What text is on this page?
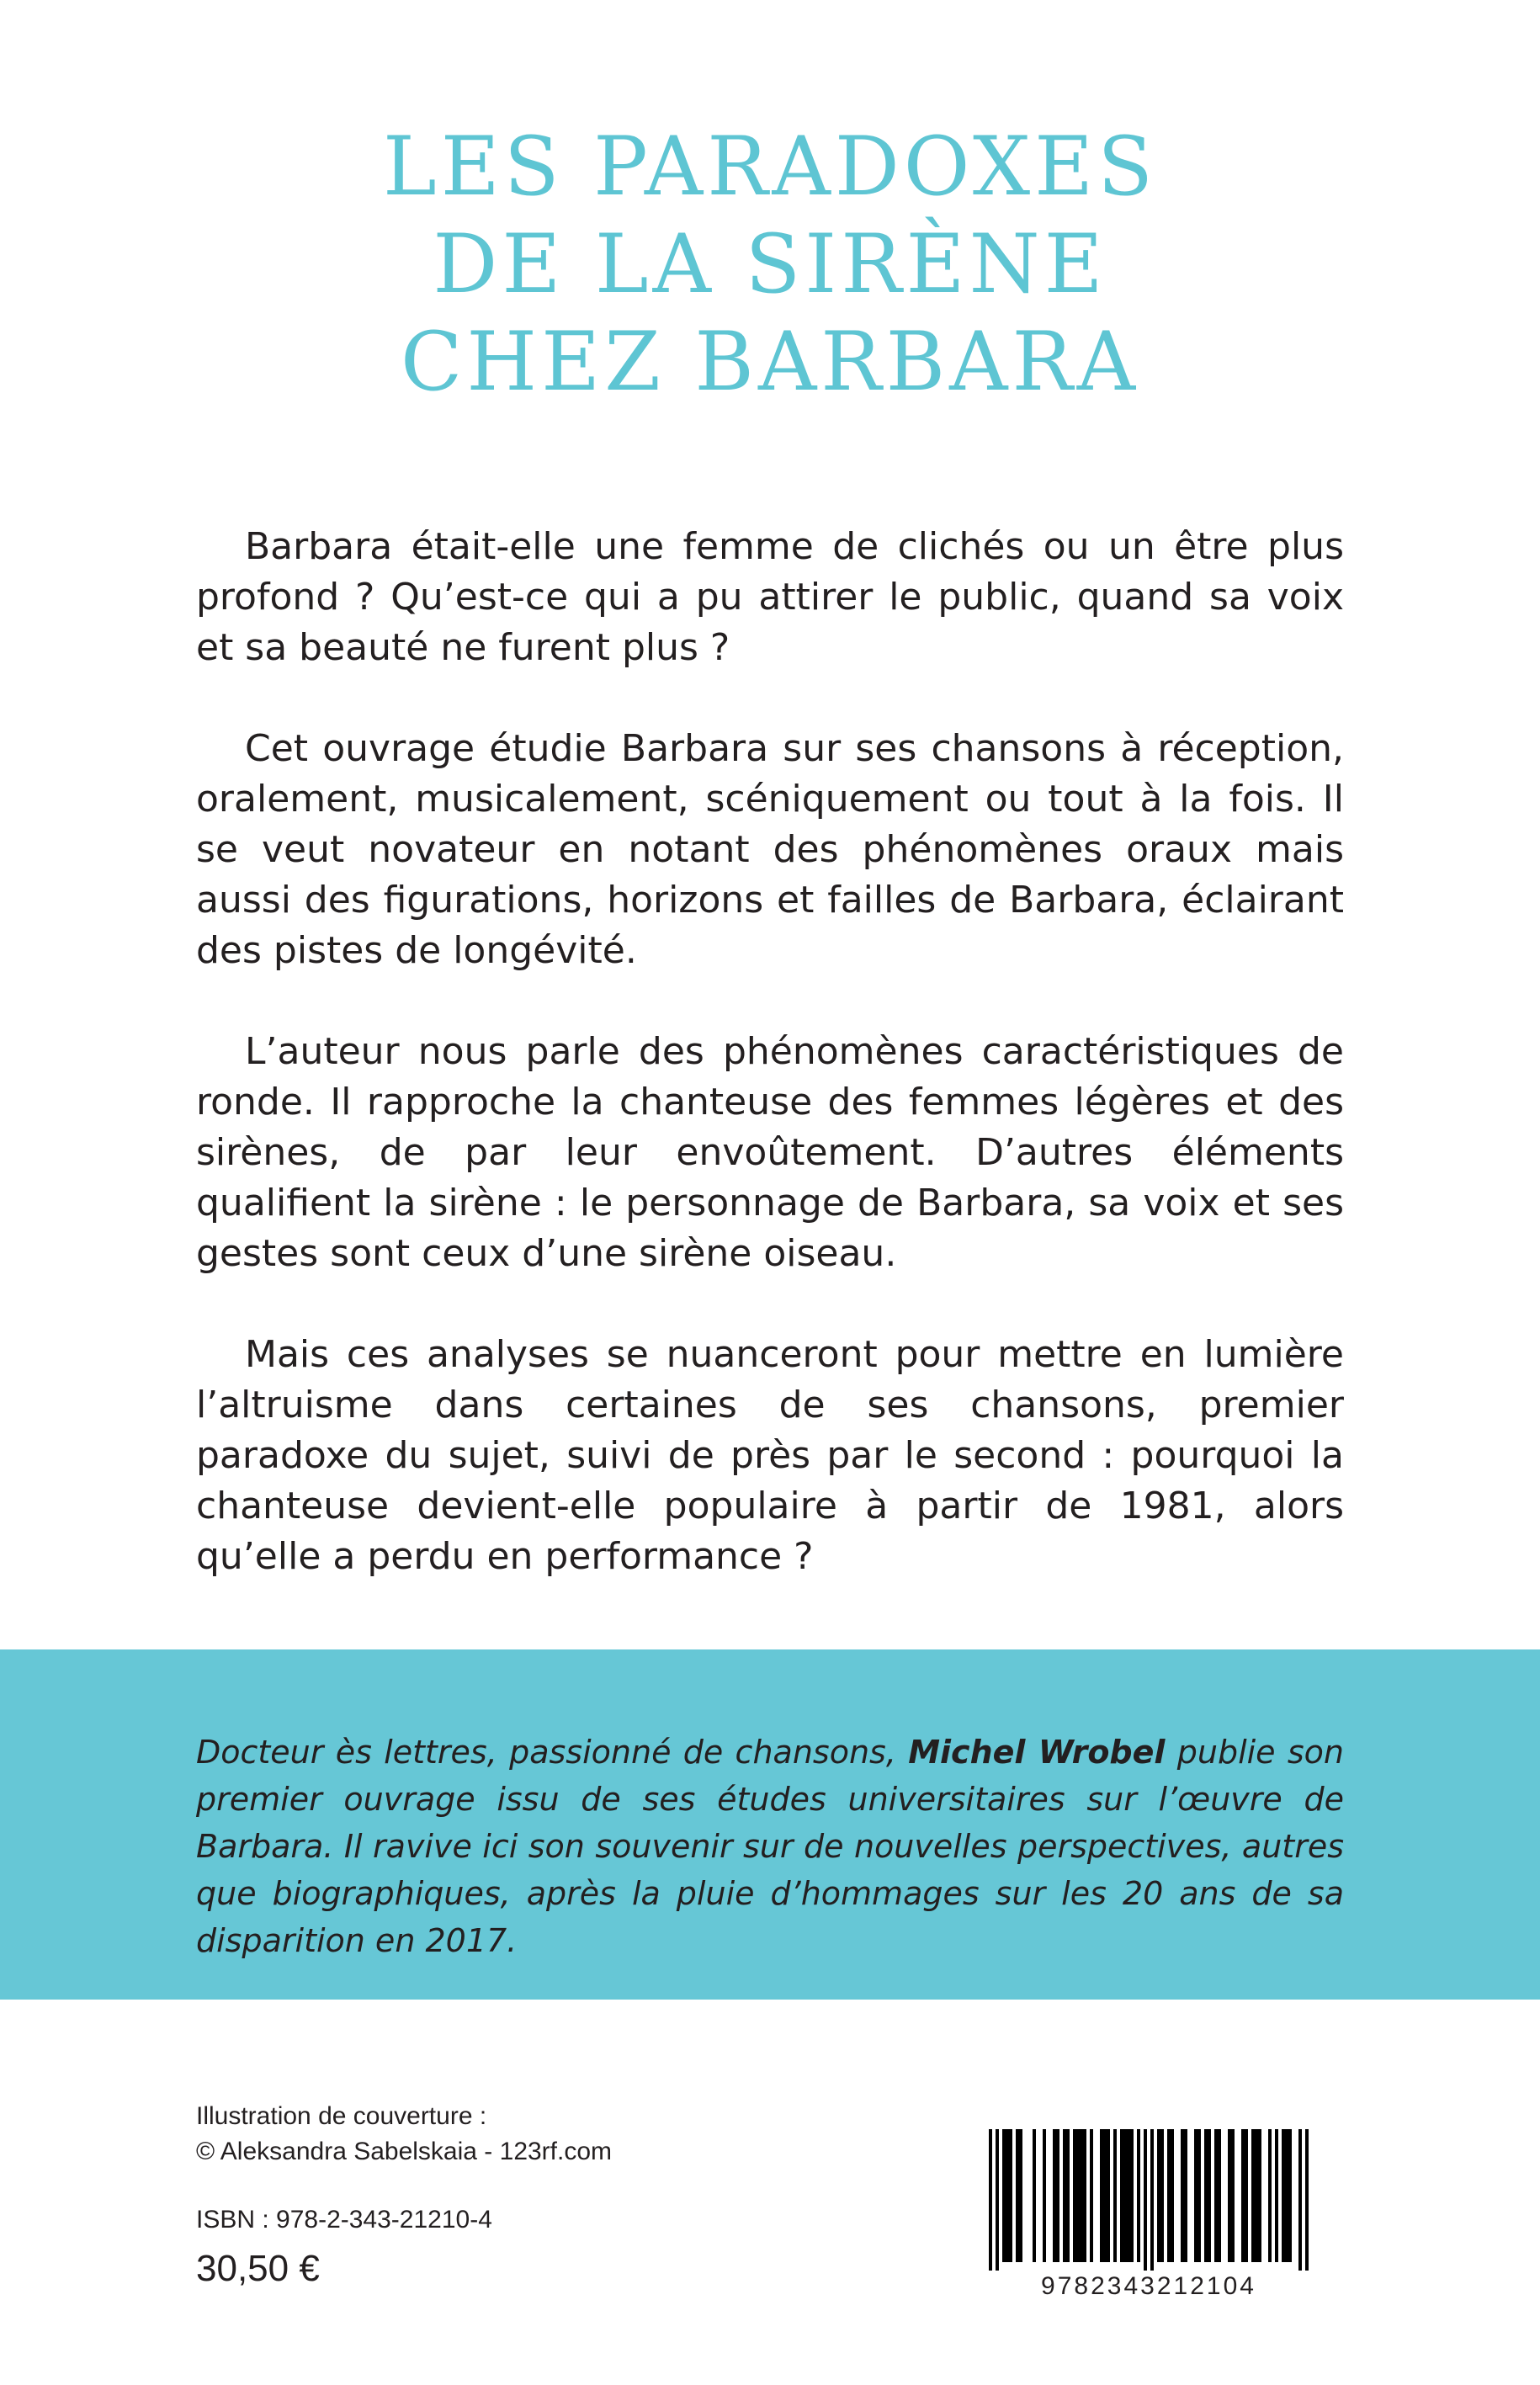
LES PARADOXES
DE LA SIRÈNE
CHEZ BARBARA

Barbara était-elle une femme de clichés ou un être plus profond ? Qu’est-ce qui a pu attirer le public, quand sa voix et sa beauté ne furent plus ?

Cet ouvrage étudie Barbara sur ses chansons à réception, oralement, musicalement, scéniquement ou tout à la fois. Il se veut novateur en notant des phénomènes oraux mais aussi des figurations, horizons et failles de Barbara, éclairant des pistes de longévité.

L’auteur nous parle des phénomènes caractéristiques de ronde. Il rapproche la chanteuse des femmes légères et des sirènes, de par leur envoûtement. D’autres éléments qualifient la sirène : le personnage de Barbara, sa voix et ses gestes sont ceux d’une sirène oiseau.

Mais ces analyses se nuanceront pour mettre en lumière l’altruisme dans certaines de ses chansons, premier paradoxe du sujet, suivi de près par le second : pourquoi la chanteuse devient-elle populaire à partir de 1981, alors qu’elle a perdu en performance ?

Docteur ès lettres, passionné de chansons, Michel Wrobel publie son premier ouvrage issu de ses études universitaires sur l’œuvre de Barbara. Il ravive ici son souvenir sur de nouvelles perspectives, autres que biographiques, après la pluie d’hommages sur les 20 ans de sa disparition en 2017.
Illustration de couverture :
© Aleksandra Sabelskaia - 123rf.com
ISBN : 978-2-343-21210-4
30,50 €	9782343212104
